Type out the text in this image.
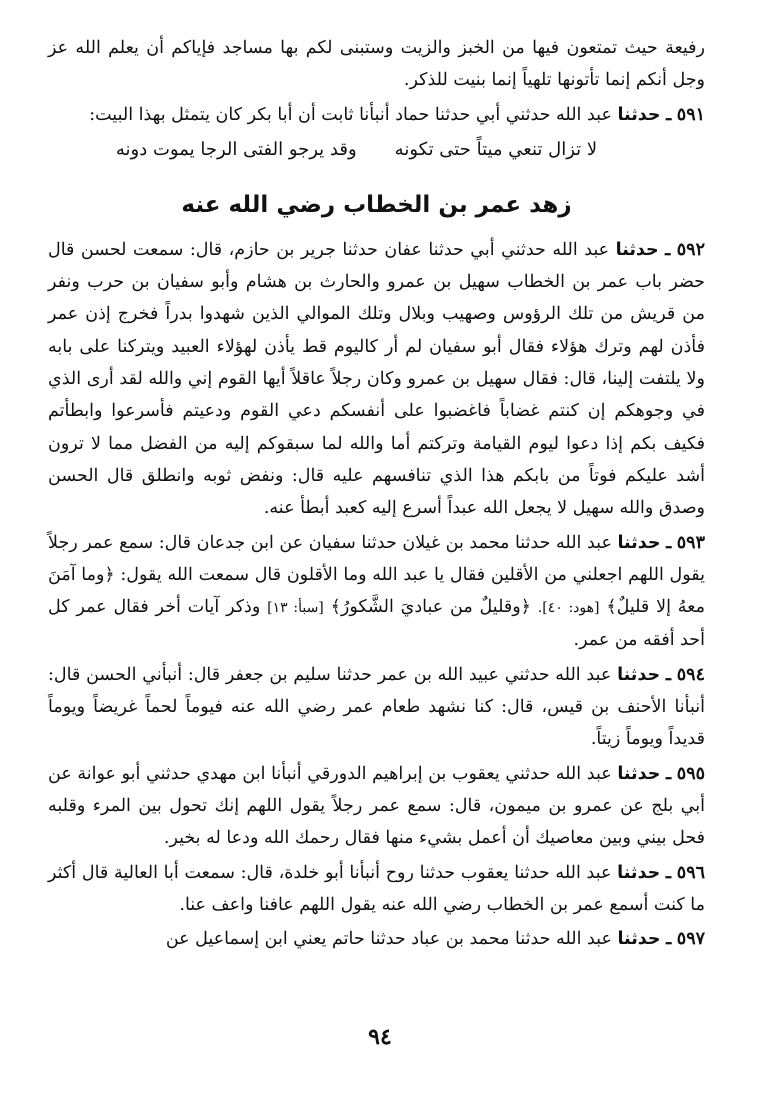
رفيعة حيث تمتعون فيها من الخبز والزيت وستبنى لكم بها مساجد فإياكم أن يعلم الله عز وجل أنكم إنما تأتونها تلهياً إنما بنيت للذكر.

٥٩١ ـ حدثنا عبد الله حدثني أبي حدثنا حماد أنبأنا ثابت أن أبا بكر كان يتمثل بهذا البيت:

لا تزال تنعي ميتاً حتى تكونه
وقد يرجو الفتى الرجا يموت دونه
زهد عمر بن الخطاب رضي الله عنه

٥٩٢ ـ حدثنا عبد الله حدثني أبي حدثنا عفان حدثنا جرير بن حازم، قال: سمعت لحسن قال حضر باب عمر بن الخطاب سهيل بن عمرو والحارث بن هشام وأبو سفيان بن حرب ونفر من قريش من تلك الرؤوس وصهيب وبلال وتلك الموالي الذين شهدوا بدراً فخرج إذن عمر فأذن لهم وترك هؤلاء فقال أبو سفيان لم أر كاليوم قط يأذن لهؤلاء العبيد ويتركنا على بابه ولا يلتفت إلينا، قال: فقال سهيل بن عمرو وكان رجلاً عاقلاً أيها القوم إني والله لقد أرى الذي في وجوهكم إن كنتم غضاباً فاغضبوا على أنفسكم دعي القوم ودعيتم فأسرعوا وابطأتم فكيف بكم إذا دعوا ليوم القيامة وتركتم أما والله لما سبقوكم إليه من الفضل مما لا ترون أشد عليكم فوتاً من بابكم هذا الذي تنافسهم عليه قال: ونفض ثوبه وانطلق قال الحسن وصدق والله سهيل لا يجعل الله عبداً أسرع إليه كعبد أبطأ عنه.

٥٩٣ ـ حدثنا عبد الله حدثنا محمد بن غيلان حدثنا سفيان عن ابن جدعان قال: سمع عمر رجلاً يقول اللهم اجعلني من الأقلين فقال يا عبد الله وما الأقلون قال سمعت الله يقول: ﴿وما آمَنَ معهُ إلا قليلٌ﴾ [هود: ٤٠]. ﴿وقليلٌ من عباديَ الشَّكورُ﴾ [سبأ: ١٣] وذكر آيات أخر فقال عمر كل أحد أفقه من عمر.

٥٩٤ ـ حدثنا عبد الله حدثني عبيد الله بن عمر حدثنا سليم بن جعفر قال: أنبأني الحسن قال: أنبأنا الأحنف بن قيس، قال: كنا نشهد طعام عمر رضي الله عنه فيوماً لحماً غريضاً ويوماً قديداً ويوماً زيتاً.

٥٩٥ ـ حدثنا عبد الله حدثني يعقوب بن إبراهيم الدورقي أنبأنا ابن مهدي حدثني أبو عوانة عن أبي بلج عن عمرو بن ميمون، قال: سمع عمر رجلاً يقول اللهم إنك تحول بين المرء وقلبه فحل بيني وبين معاصيك أن أعمل بشيء منها فقال رحمك الله ودعا له بخير.

٥٩٦ ـ حدثنا عبد الله حدثنا يعقوب حدثنا روح أنبأنا أبو خلدة، قال: سمعت أبا العالية قال أكثر ما كنت أسمع عمر بن الخطاب رضي الله عنه يقول اللهم عافنا واعف عنا.

٥٩٧ ـ حدثنا عبد الله حدثنا محمد بن عباد حدثنا حاتم يعني ابن إسماعيل عن

٩٤
